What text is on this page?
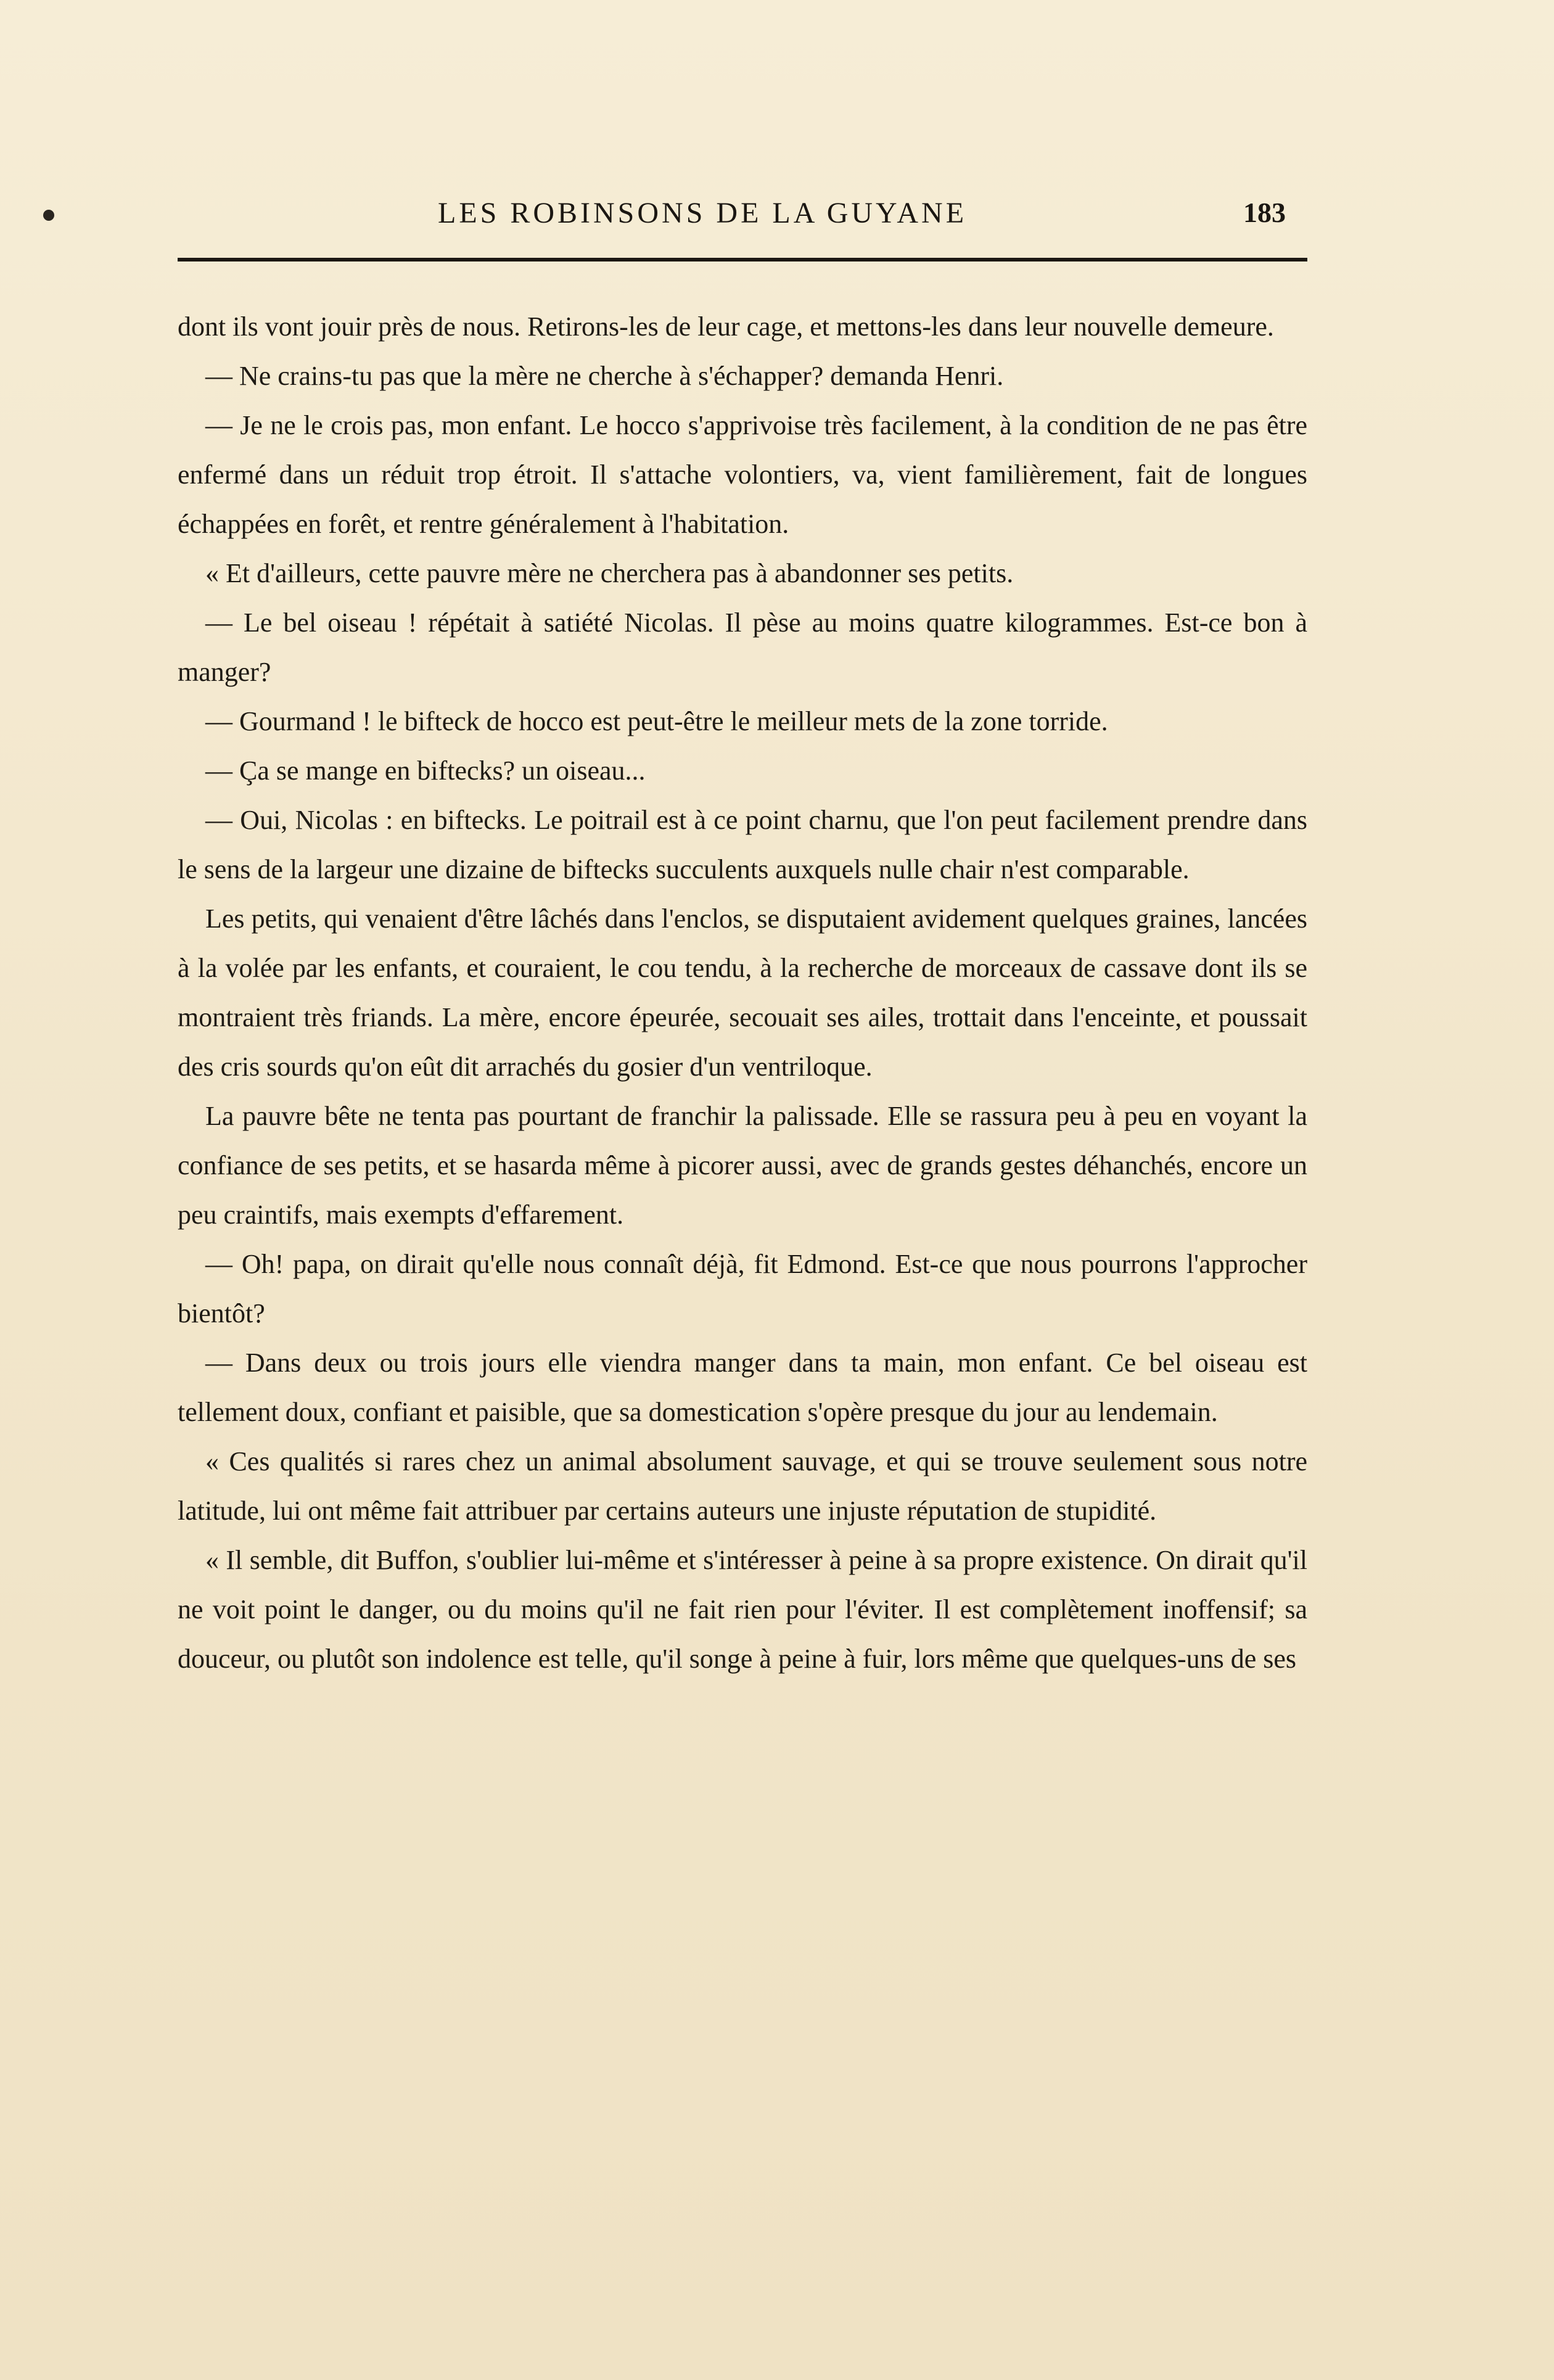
LES ROBINSONS DE LA GUYANE	183

dont ils vont jouir près de nous. Retirons-les de leur cage, et mettons-les dans leur nouvelle demeure.

— Ne crains-tu pas que la mère ne cherche à s'échapper? demanda Henri.

— Je ne le crois pas, mon enfant. Le hocco s'apprivoise très facilement, à la condition de ne pas être enfermé dans un réduit trop étroit. Il s'attache volontiers, va, vient familièrement, fait de longues échappées en forêt, et rentre généralement à l'habitation.

« Et d'ailleurs, cette pauvre mère ne cherchera pas à abandonner ses petits.

— Le bel oiseau ! répétait à satiété Nicolas. Il pèse au moins quatre kilogrammes. Est-ce bon à manger?

— Gourmand ! le bifteck de hocco est peut-être le meilleur mets de la zone torride.

— Ça se mange en biftecks? un oiseau...

— Oui, Nicolas : en biftecks. Le poitrail est à ce point charnu, que l'on peut facilement prendre dans le sens de la largeur une dizaine de biftecks succulents auxquels nulle chair n'est comparable.

Les petits, qui venaient d'être lâchés dans l'enclos, se disputaient avidement quelques graines, lancées à la volée par les enfants, et couraient, le cou tendu, à la recherche de morceaux de cassave dont ils se montraient très friands. La mère, encore épeurée, secouait ses ailes, trottait dans l'enceinte, et poussait des cris sourds qu'on eût dit arrachés du gosier d'un ventriloque.

La pauvre bête ne tenta pas pourtant de franchir la palissade. Elle se rassura peu à peu en voyant la confiance de ses petits, et se hasarda même à picorer aussi, avec de grands gestes déhanchés, encore un peu craintifs, mais exempts d'effarement.

— Oh! papa, on dirait qu'elle nous connaît déjà, fit Edmond. Est-ce que nous pourrons l'approcher bientôt?

— Dans deux ou trois jours elle viendra manger dans ta main, mon enfant. Ce bel oiseau est tellement doux, confiant et paisible, que sa domestication s'opère presque du jour au lendemain.

« Ces qualités si rares chez un animal absolument sauvage, et qui se trouve seulement sous notre latitude, lui ont même fait attribuer par certains auteurs une injuste réputation de stupidité.

« Il semble, dit Buffon, s'oublier lui-même et s'intéresser à peine à sa propre existence. On dirait qu'il ne voit point le danger, ou du moins qu'il ne fait rien pour l'éviter. Il est complètement inoffensif; sa douceur, ou plutôt son indolence est telle, qu'il songe à peine à fuir, lors même que quelques-uns de ses
